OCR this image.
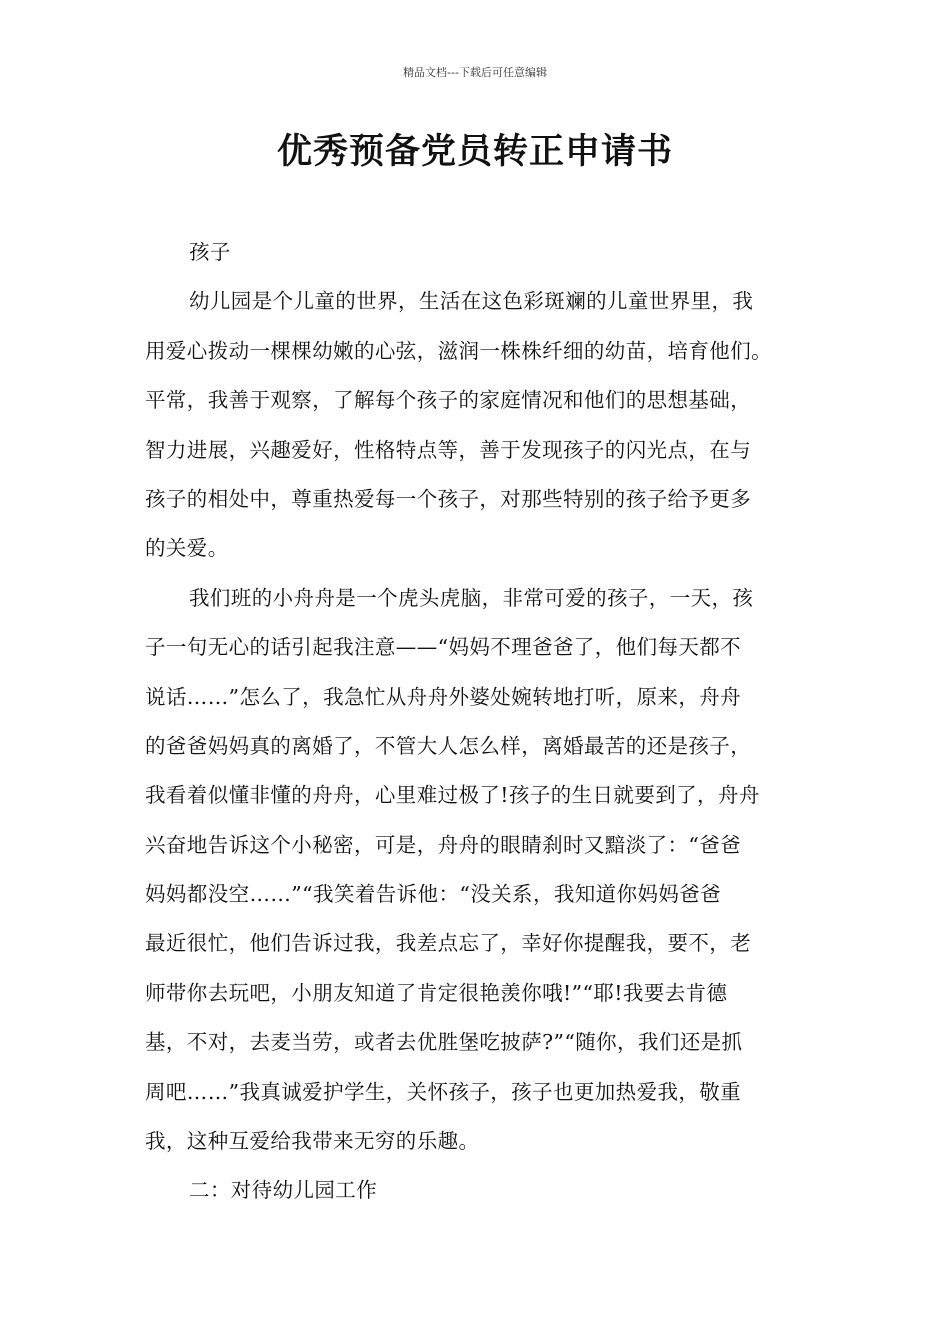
精品文档---下载后可任意编辑
优秀预备党员转正申请书
孩子
幼儿园是个儿童的世界，生活在这色彩斑斓的儿童世界里，我
用爱心拨动一棵棵幼嫩的心弦，滋润一株株纤细的幼苗，培育他们。
平常，我善于观察，了解每个孩子的家庭情况和他们的思想基础，
智力进展，兴趣爱好，性格特点等，善于发现孩子的闪光点，在与
孩子的相处中，尊重热爱每一个孩子，对那些特别的孩子给予更多
的关爱。
我们班的小舟舟是一个虎头虎脑，非常可爱的孩子，一天，孩
子一句无心的话引起我注意——“妈妈不理爸爸了，他们每天都不
说话……”怎么了，我急忙从舟舟外婆处婉转地打听，原来，舟舟
的爸爸妈妈真的离婚了，不管大人怎么样，离婚最苦的还是孩子，
我看着似懂非懂的舟舟，心里难过极了!孩子的生日就要到了，舟舟
兴奋地告诉这个小秘密，可是，舟舟的眼睛刹时又黯淡了：“爸爸
妈妈都没空……”“我笑着告诉他：“没关系，我知道你妈妈爸爸
最近很忙，他们告诉过我，我差点忘了，幸好你提醒我，要不，老
师带你去玩吧，小朋友知道了肯定很艳羡你哦!”“耶!我要去肯德
基，不对，去麦当劳，或者去优胜堡吃披萨?”“随你，我们还是抓
周吧……”我真诚爱护学生，关怀孩子，孩子也更加热爱我，敬重
我，这种互爱给我带来无穷的乐趣。
二：对待幼儿园工作
